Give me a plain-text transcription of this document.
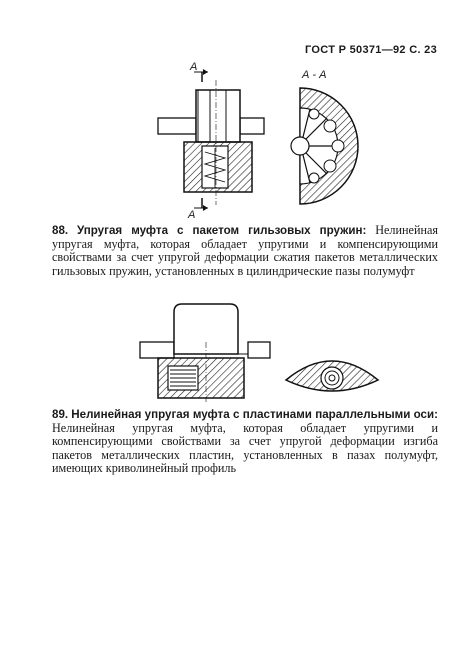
ГОСТ Р 50371—92 С. 23
А
А
А - А

88. Упругая муфта с пакетом гильзовых пружин: Нелинейная упругая муфта, которая обладает упругими и компенсирующими свойствами за счет упругой деформации сжатия пакетов металлических гильзовых пружин, установленных в цилиндрические пазы полумуфт

89. Нелинейная упругая муфта с пластинами параллельными оси: Нелинейная упругая муфта, которая обладает упругими и компенсирующими свойствами за счет упругой деформации изгиба пакетов металлических пластин, установленных в пазах полумуфт, имеющих криволинейный профиль
